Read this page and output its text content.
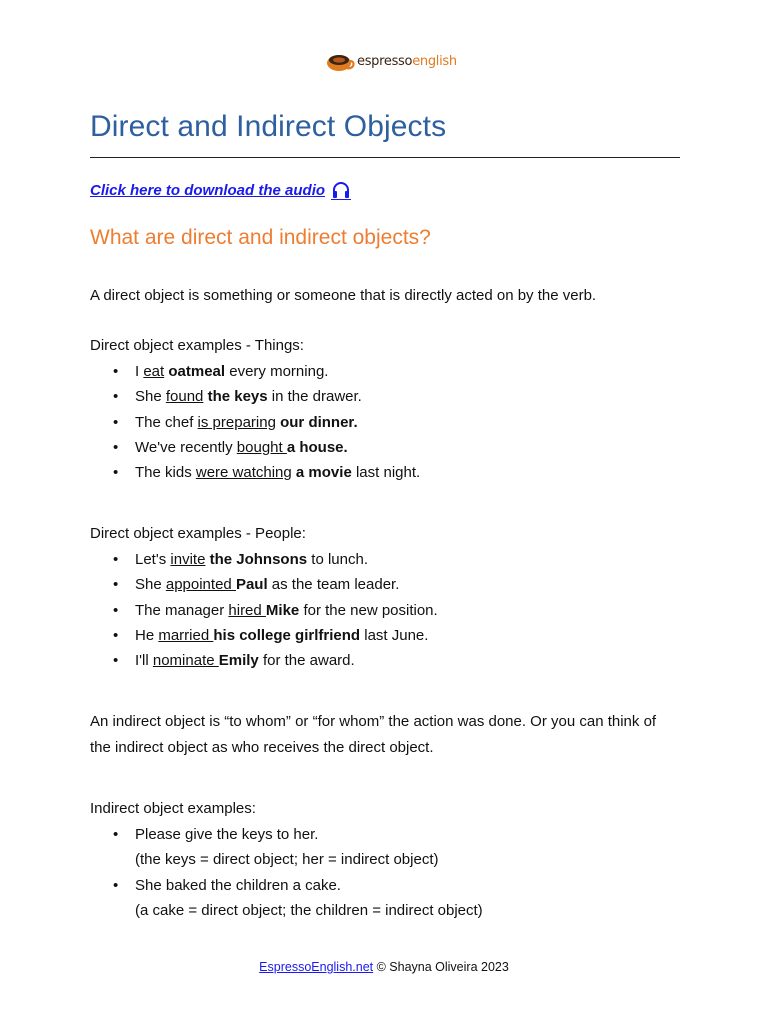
espressoenglish
Direct and Indirect Objects
Click here to download the audio
What are direct and indirect objects?

A direct object is something or someone that is directly acted on by the verb.

Direct object examples - Things:

• I eat oatmeal every morning.
• She found the keys in the drawer.
• The chef is preparing our dinner.
• We've recently bought a house.
• The kids were watching a movie last night.

Direct object examples - People:

• Let's invite the Johnsons to lunch.
• She appointed Paul as the team leader.
• The manager hired Mike for the new position.
• He married his college girlfriend last June.
• I'll nominate Emily for the award.

An indirect object is “to whom” or “for whom” the action was done. Or you can think of the indirect object as who receives the direct object.

Indirect object examples:

• Please give the keys to her.
(the keys = direct object; her = indirect object)
• She baked the children a cake.
(a cake = direct object; the children = indirect object)
EspressoEnglish.net © Shayna Oliveira 2023
